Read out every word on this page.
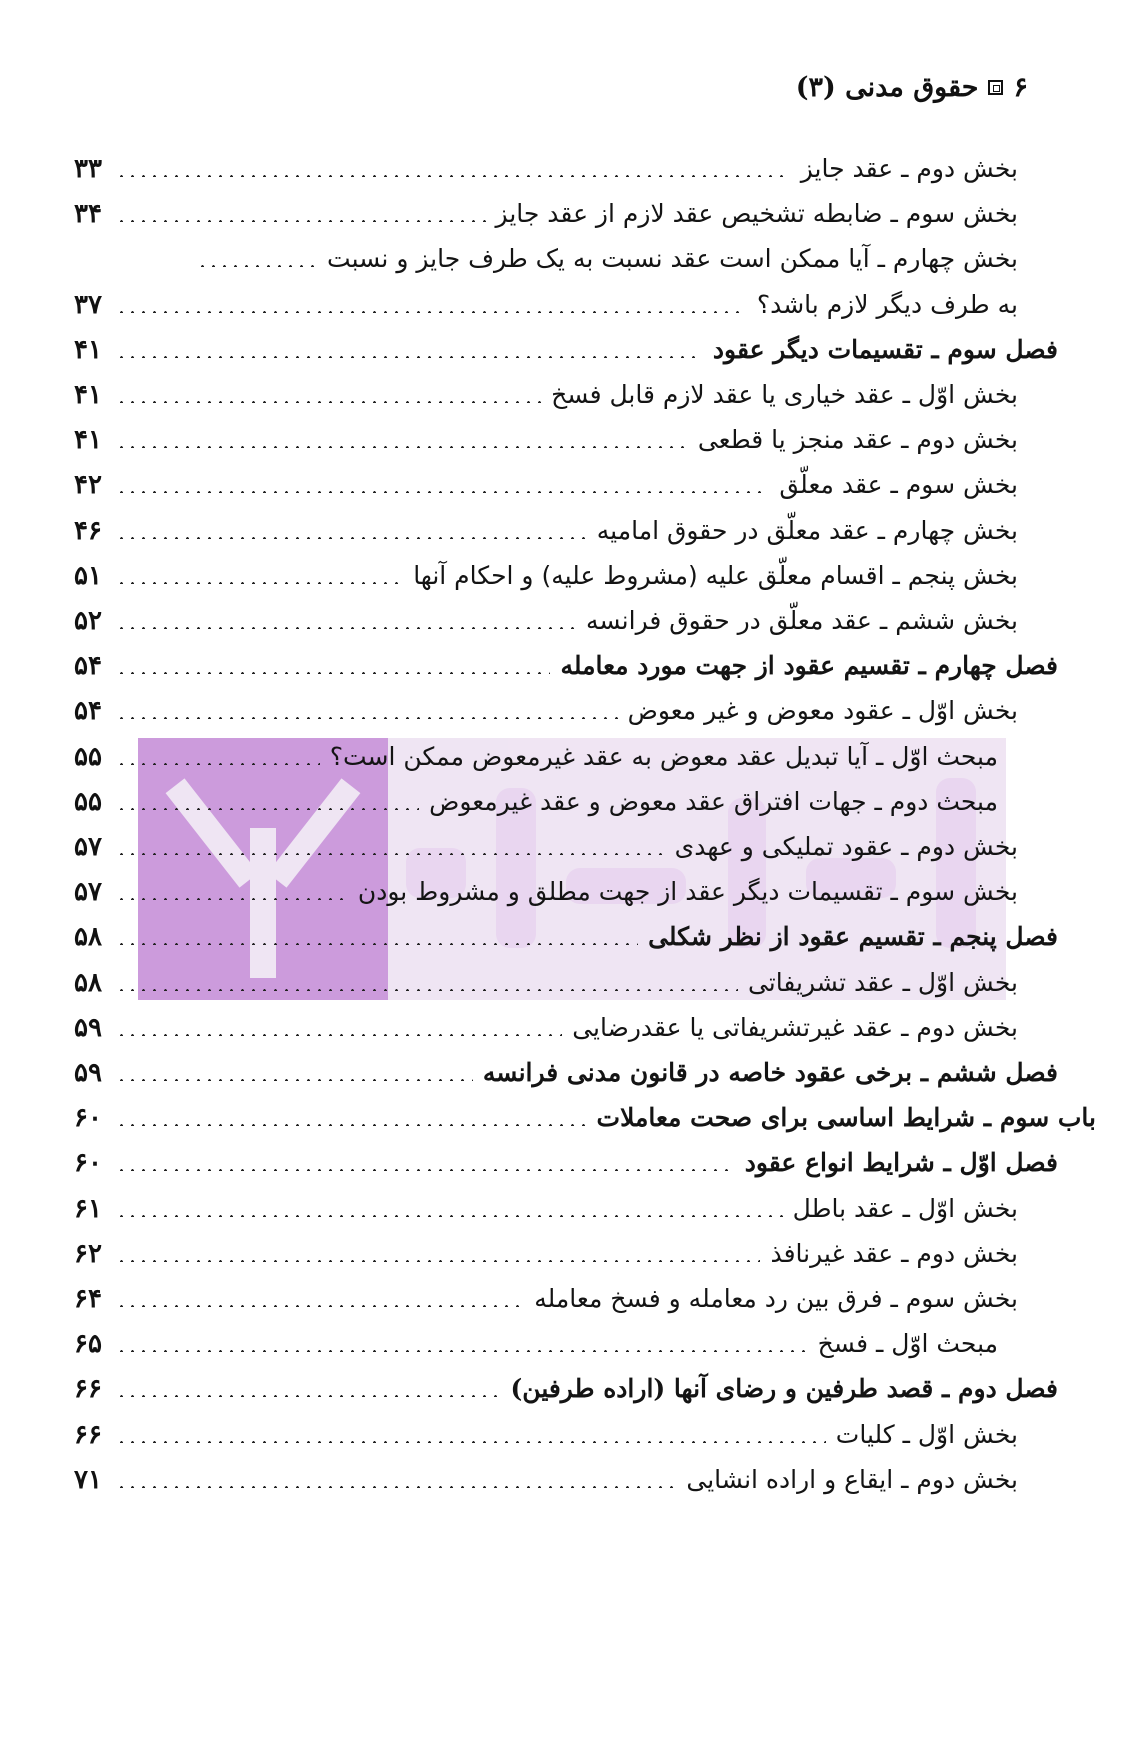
۶
حقوق مدنی (۳)
بخش دوم ـ عقد جایز
۳۳
بخش سوم ـ ضابطه تشخیص عقد لازم از عقد جایز
۳۴
بخش چهارم ـ آیا ممکن است عقد نسبت به یک طرف جایز و نسبت
به طرف دیگر لازم باشد؟
۳۷
فصل سوم ـ تقسیمات دیگر عقود
۴۱
بخش اوّل ـ عقد خیاری یا عقد لازم قابل فسخ
۴۱
بخش دوم ـ عقد منجز یا قطعی
۴۱
بخش سوم ـ عقد معلّق
۴۲
بخش چهارم ـ عقد معلّق در حقوق امامیه
۴۶
بخش پنجم ـ اقسام معلّق علیه (مشروط علیه) و احکام آنها
۵۱
بخش ششم ـ عقد معلّق در حقوق فرانسه
۵۲
فصل چهارم ـ تقسیم عقود از جهت مورد معامله
۵۴
بخش اوّل ـ عقود معوض و غیر معوض
۵۴
مبحث اوّل ـ آیا تبدیل عقد معوض به عقد غیرمعوض ممکن است؟
۵۵
مبحث دوم ـ جهات افتراق عقد معوض و عقد غیرمعوض
۵۵
بخش دوم ـ عقود تملیکی و عهدی
۵۷
بخش سوم ـ تقسیمات دیگر عقد از جهت مطلق و مشروط بودن
۵۷
فصل پنجم ـ تقسیم عقود از نظر شکلی
۵۸
بخش اوّل ـ عقد تشریفاتی
۵۸
بخش دوم ـ عقد غیرتشریفاتی یا عقدرضایی
۵۹
فصل ششم ـ برخی عقود خاصه در قانون مدنی فرانسه
۵۹
باب سوم ـ شرایط اساسی برای صحت معاملات
۶۰
فصل اوّل ـ شرایط انواع عقود
۶۰
بخش اوّل ـ عقد باطل
۶۱
بخش دوم ـ عقد غیرنافذ
۶۲
بخش سوم ـ فرق بین رد معامله و فسخ معامله
۶۴
مبحث اوّل ـ فسخ
۶۵
فصل دوم ـ قصد طرفین و رضای آنها (اراده طرفین)
۶۶
بخش اوّل ـ کلیات
۶۶
بخش دوم ـ ایقاع و اراده انشایی
۷۱
